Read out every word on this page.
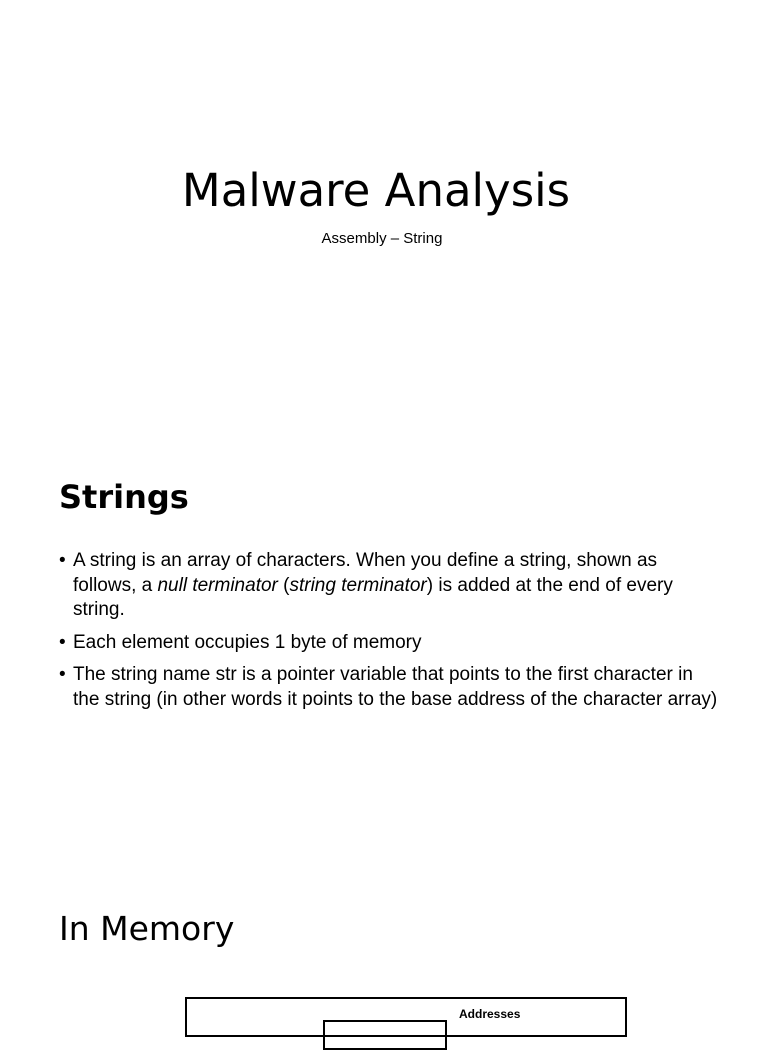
Malware Analysis

Assembly – String

Strings
• A string is an array of characters. When you define a string, shown as follows, a null terminator (string terminator) is added at the end of every string.
• Each element occupies 1 byte of memory
• The string name str is a pointer variable that points to the first character in the string (in other words it points to the base address of the character array)
In Memory
Addresses
